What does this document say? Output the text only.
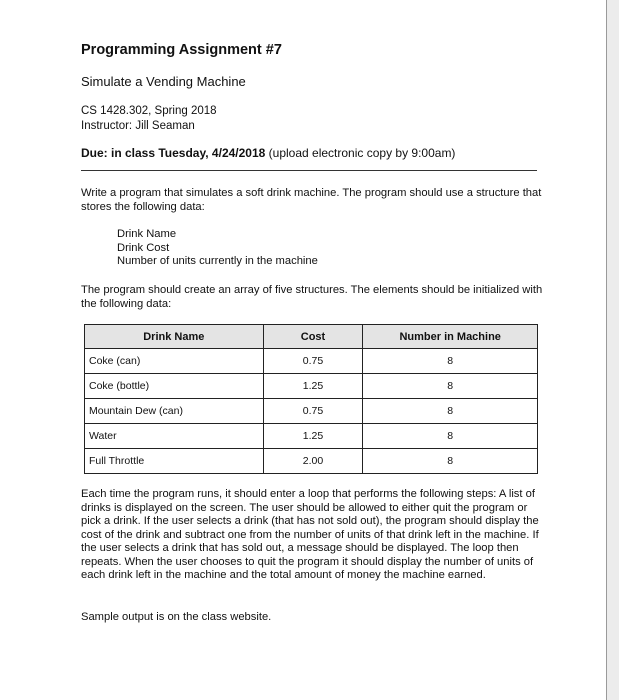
Programming Assignment #7
Simulate a Vending Machine
CS 1428.302, Spring 2018
Instructor: Jill Seaman
Due: in class Tuesday, 4/24/2018 (upload electronic copy by 9:00am)
Write a program that simulates a soft drink machine. The program should use a structure that stores the following data:
Drink Name
Drink Cost
Number of units currently in the machine
The program should create an array of five structures. The elements should be initialized with the following data:
Drink Name	Cost	Number in Machine
Coke (can)	0.75	8
Coke (bottle)	1.25	8
Mountain Dew (can)	0.75	8
Water	1.25	8
Full Throttle	2.00	8
Each time the program runs, it should enter a loop that performs the following steps: A list of drinks is displayed on the screen. The user should be allowed to either quit the program or pick a drink. If the user selects a drink (that has not sold out), the program should display the cost of the drink and subtract one from the number of units of that drink left in the machine. If the user selects a drink that has sold out, a message should be displayed. The loop then repeats. When the user chooses to quit the program it should display the number of units of each drink left in the machine and the total amount of money the machine earned.
Sample output is on the class website.
